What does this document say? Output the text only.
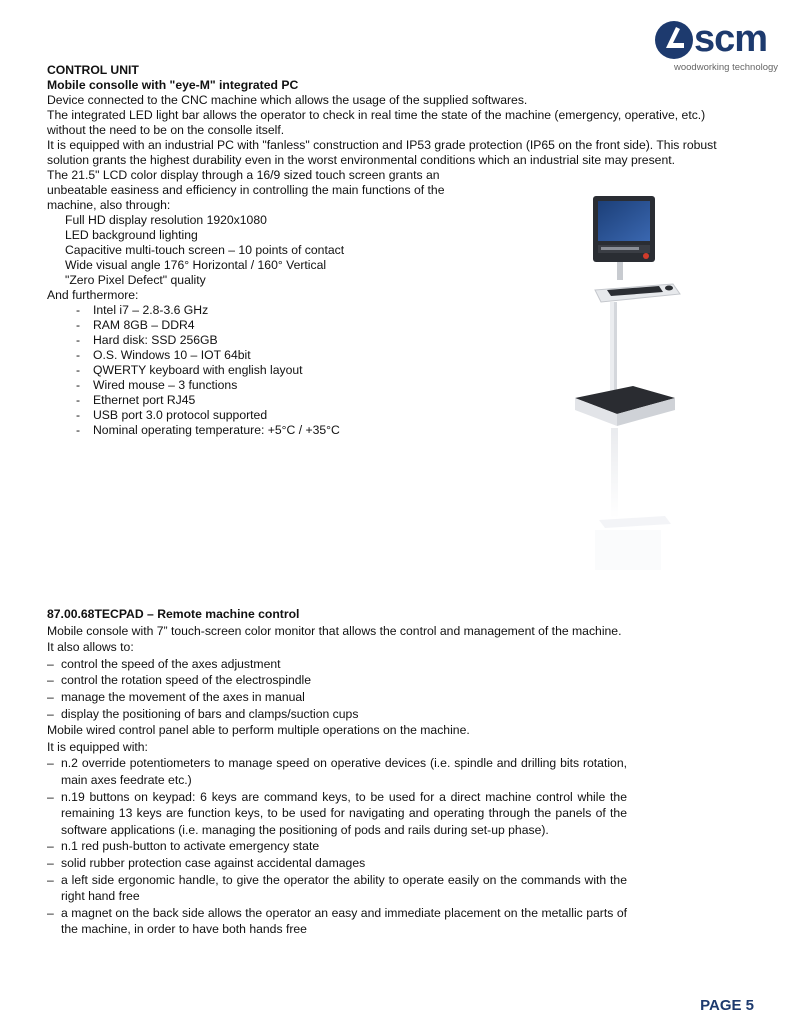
scm
woodworking technology
CONTROL UNIT
Mobile consolle with "eye-M" integrated PC

Device connected to the CNC machine which allows the usage of the supplied softwares.

The integrated LED light bar allows the operator to check in real time the state of the machine (emergency, operative, etc.) without the need to be on the consolle itself.

It is equipped with an industrial PC with "fanless" construction and IP53 grade protection (IP65 on the front side). This robust solution grants the highest durability even in the worst environmental conditions which an industrial site may present.

The 21.5" LCD color display through a 16/9 sized touch screen grants an unbeatable easiness and efficiency in controlling the main functions of the machine, also through:

Full HD display resolution 1920x1080
LED background lighting
Capacitive multi-touch screen – 10 points of contact
Wide visual angle 176° Horizontal / 160° Vertical
"Zero Pixel Defect" quality
And furthermore:
- Intel i7 – 2.8-3.6 GHz
- RAM 8GB – DDR4
- Hard disk: SSD 256GB
- O.S. Windows 10 – IOT 64bit
- QWERTY keyboard with english layout
- Wired mouse – 3 functions
- Ethernet port RJ45
- USB port 3.0 protocol supported
- Nominal operating temperature: +5°C / +35°C
87.00.68TECPAD – Remote machine control

Mobile console with 7” touch-screen color monitor that allows the control and management of the machine.

It also allows to:
– control the speed of the axes adjustment
– control the rotation speed of the electrospindle
– manage the movement of the axes in manual
– display the positioning of bars and clamps/suction cups

Mobile wired control panel able to perform multiple operations on the machine.

It is equipped with:
– n.2 override potentiometers to manage speed on operative devices (i.e. spindle and drilling bits rotation, main axes feedrate etc.)
– n.19 buttons on keypad: 6 keys are command keys, to be used for a direct machine control while the remaining 13 keys are function keys, to be used for navigating and operating through the panels of the software applications (i.e. managing the positioning of pods and rails during set-up phase).
– n.1 red push-button to activate emergency state
– solid rubber protection case against accidental damages
– a left side ergonomic handle, to give the operator the ability to operate easily on the commands with the right hand free
– a magnet on the back side allows the operator an easy and immediate placement on the metallic parts of the machine, in order to have both hands free
PAGE 5
